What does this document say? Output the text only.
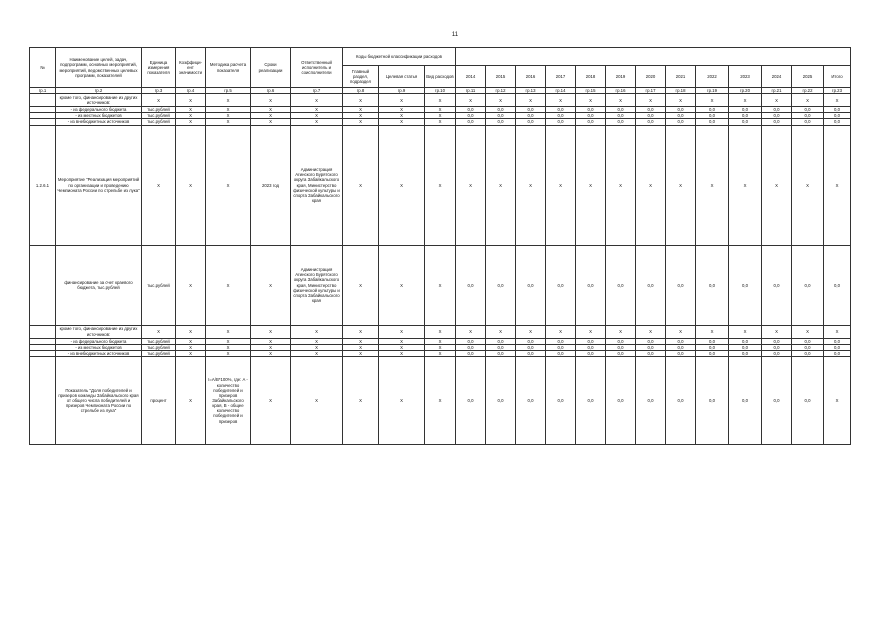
11
№	Наименование целей, задач, подпрограмм, основных мероприятий, мероприятий, ведомственных целевых программ, показателей	Единица измерения показателя	Коэффици-ент значимости	Методика расчета показателя	Сроки реализации	Ответственный исполнитель и соисполнители	Коды бюджетной классификации расходов															
							Главный раздел, подраздел	Целевая статья	Вид расходов	2014	2015	2016	2017	2018	2019	2020	2021	2022	2023	2024	2025	Итого
гр.1	гр.2	гр.3	гр.4	гр.5	гр.6	гр.7	гр.8	гр.9	гр.10	гр.11	гр.12	гр.13	гр.14	гр.15	гр.16	гр.17	гр.18	гр.19	гр.20	гр.21	гр.22	гр.23
	кроме того, финансирование из других источников:	Х	Х	Х	Х	Х	Х	Х	Х	Х	Х	Х	Х	Х	Х	Х	Х	Х	Х	Х	Х	Х
	- из федерального бюджета	тыс.рублей	Х	Х	Х	Х	Х	Х	Х	0,0	0,0	0,0	0,0	0,0	0,0	0,0	0,0	0,0	0,0	0,0	0,0	0,0
	- из местных бюджетов	тыс.рублей	Х	Х	Х	Х	Х	Х	Х	0,0	0,0	0,0	0,0	0,0	0,0	0,0	0,0	0,0	0,0	0,0	0,0	0,0
	- из внебюджетных источников	тыс.рублей	Х	Х	Х	Х	Х	Х	Х	0,0	0,0	0,0	0,0	0,0	0,0	0,0	0,0	0,0	0,0	0,0	0,0	0,0
1.2.6.1	Мероприятие "Реализация мероприятий по организации и проведению Чемпионата России по стрельбе из лука"	Х	Х	Х	2023 год	Администрация Агинского Бурятского округа Забайкальского края, Министерство физической культуры и спорта Забайкальского края	Х	Х	Х	Х	Х	Х	Х	Х	Х	Х	Х	Х	Х	Х	Х	Х
	финансирование за счет краевого бюджета, тыс.рублей	тыс.рублей	Х	Х	Х	Администрация Агинского Бурятского округа Забайкальского края, Министерство физической культуры и спорта Забайкальского края	Х	Х	Х	0,0	0,0	0,0	0,0	0,0	0,0	0,0	0,0	0,0	0,0	0,0	0,0	0,0
	кроме того, финансирование из других источников:	Х	Х	Х	Х	Х	Х	Х	Х	Х	Х	Х	Х	Х	Х	Х	Х	Х	Х	Х	Х	Х
	- из федерального бюджета	тыс.рублей	Х	Х	Х	Х	Х	Х	Х	0,0	0,0	0,0	0,0	0,0	0,0	0,0	0,0	0,0	0,0	0,0	0,0	0,0
	- из местных бюджетов	тыс.рублей	Х	Х	Х	Х	Х	Х	Х	0,0	0,0	0,0	0,0	0,0	0,0	0,0	0,0	0,0	0,0	0,0	0,0	0,0
	- из внебюджетных источников	тыс.рублей	Х	Х	Х	Х	Х	Х	Х	0,0	0,0	0,0	0,0	0,0	0,0	0,0	0,0	0,0	0,0	0,0	0,0	0,0
	Показатель "Доля победителей и призеров команды Забайкальского края от общего числа победителей и призеров Чемпионата России по стрельбе из лука"	процент	Х	I=A/B*100%, где: A - количество победителей и призеров Забайкальского края, B - общее количество победителей и призеров	Х	Х	Х	Х	Х	0,0	0,0	0,0	0,0	0,0	0,0	0,0	0,0	0,0	0,0	0,0	0,0	Х
